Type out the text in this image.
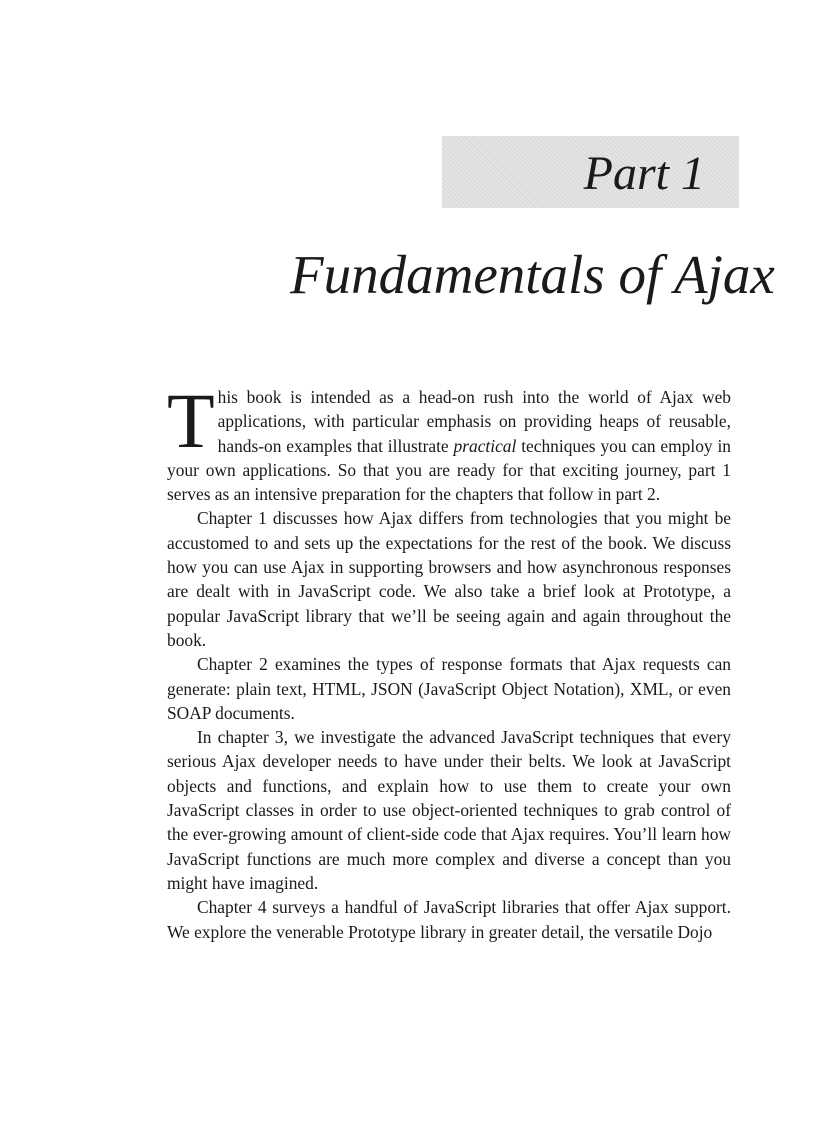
Part 1
Fundamentals of Ajax

This book is intended as a head-on rush into the world of Ajax web applications, with particular emphasis on providing heaps of reusable, hands-on examples that illustrate practical techniques you can employ in your own applications. So that you are ready for that exciting journey, part 1 serves as an intensive preparation for the chapters that follow in part 2.

Chapter 1 discusses how Ajax differs from technologies that you might be accustomed to and sets up the expectations for the rest of the book. We discuss how you can use Ajax in supporting browsers and how asynchronous responses are dealt with in JavaScript code. We also take a brief look at Prototype, a popular JavaScript library that we’ll be seeing again and again throughout the book.

Chapter 2 examines the types of response formats that Ajax requests can generate: plain text, HTML, JSON (JavaScript Object Notation), XML, or even SOAP documents.

In chapter 3, we investigate the advanced JavaScript techniques that every serious Ajax developer needs to have under their belts. We look at JavaScript objects and functions, and explain how to use them to create your own JavaScript classes in order to use object-oriented techniques to grab control of the ever-growing amount of client-side code that Ajax requires. You’ll learn how JavaScript functions are much more complex and diverse a concept than you might have imagined.

Chapter 4 surveys a handful of JavaScript libraries that offer Ajax support. We explore the venerable Prototype library in greater detail, the versatile Dojo
